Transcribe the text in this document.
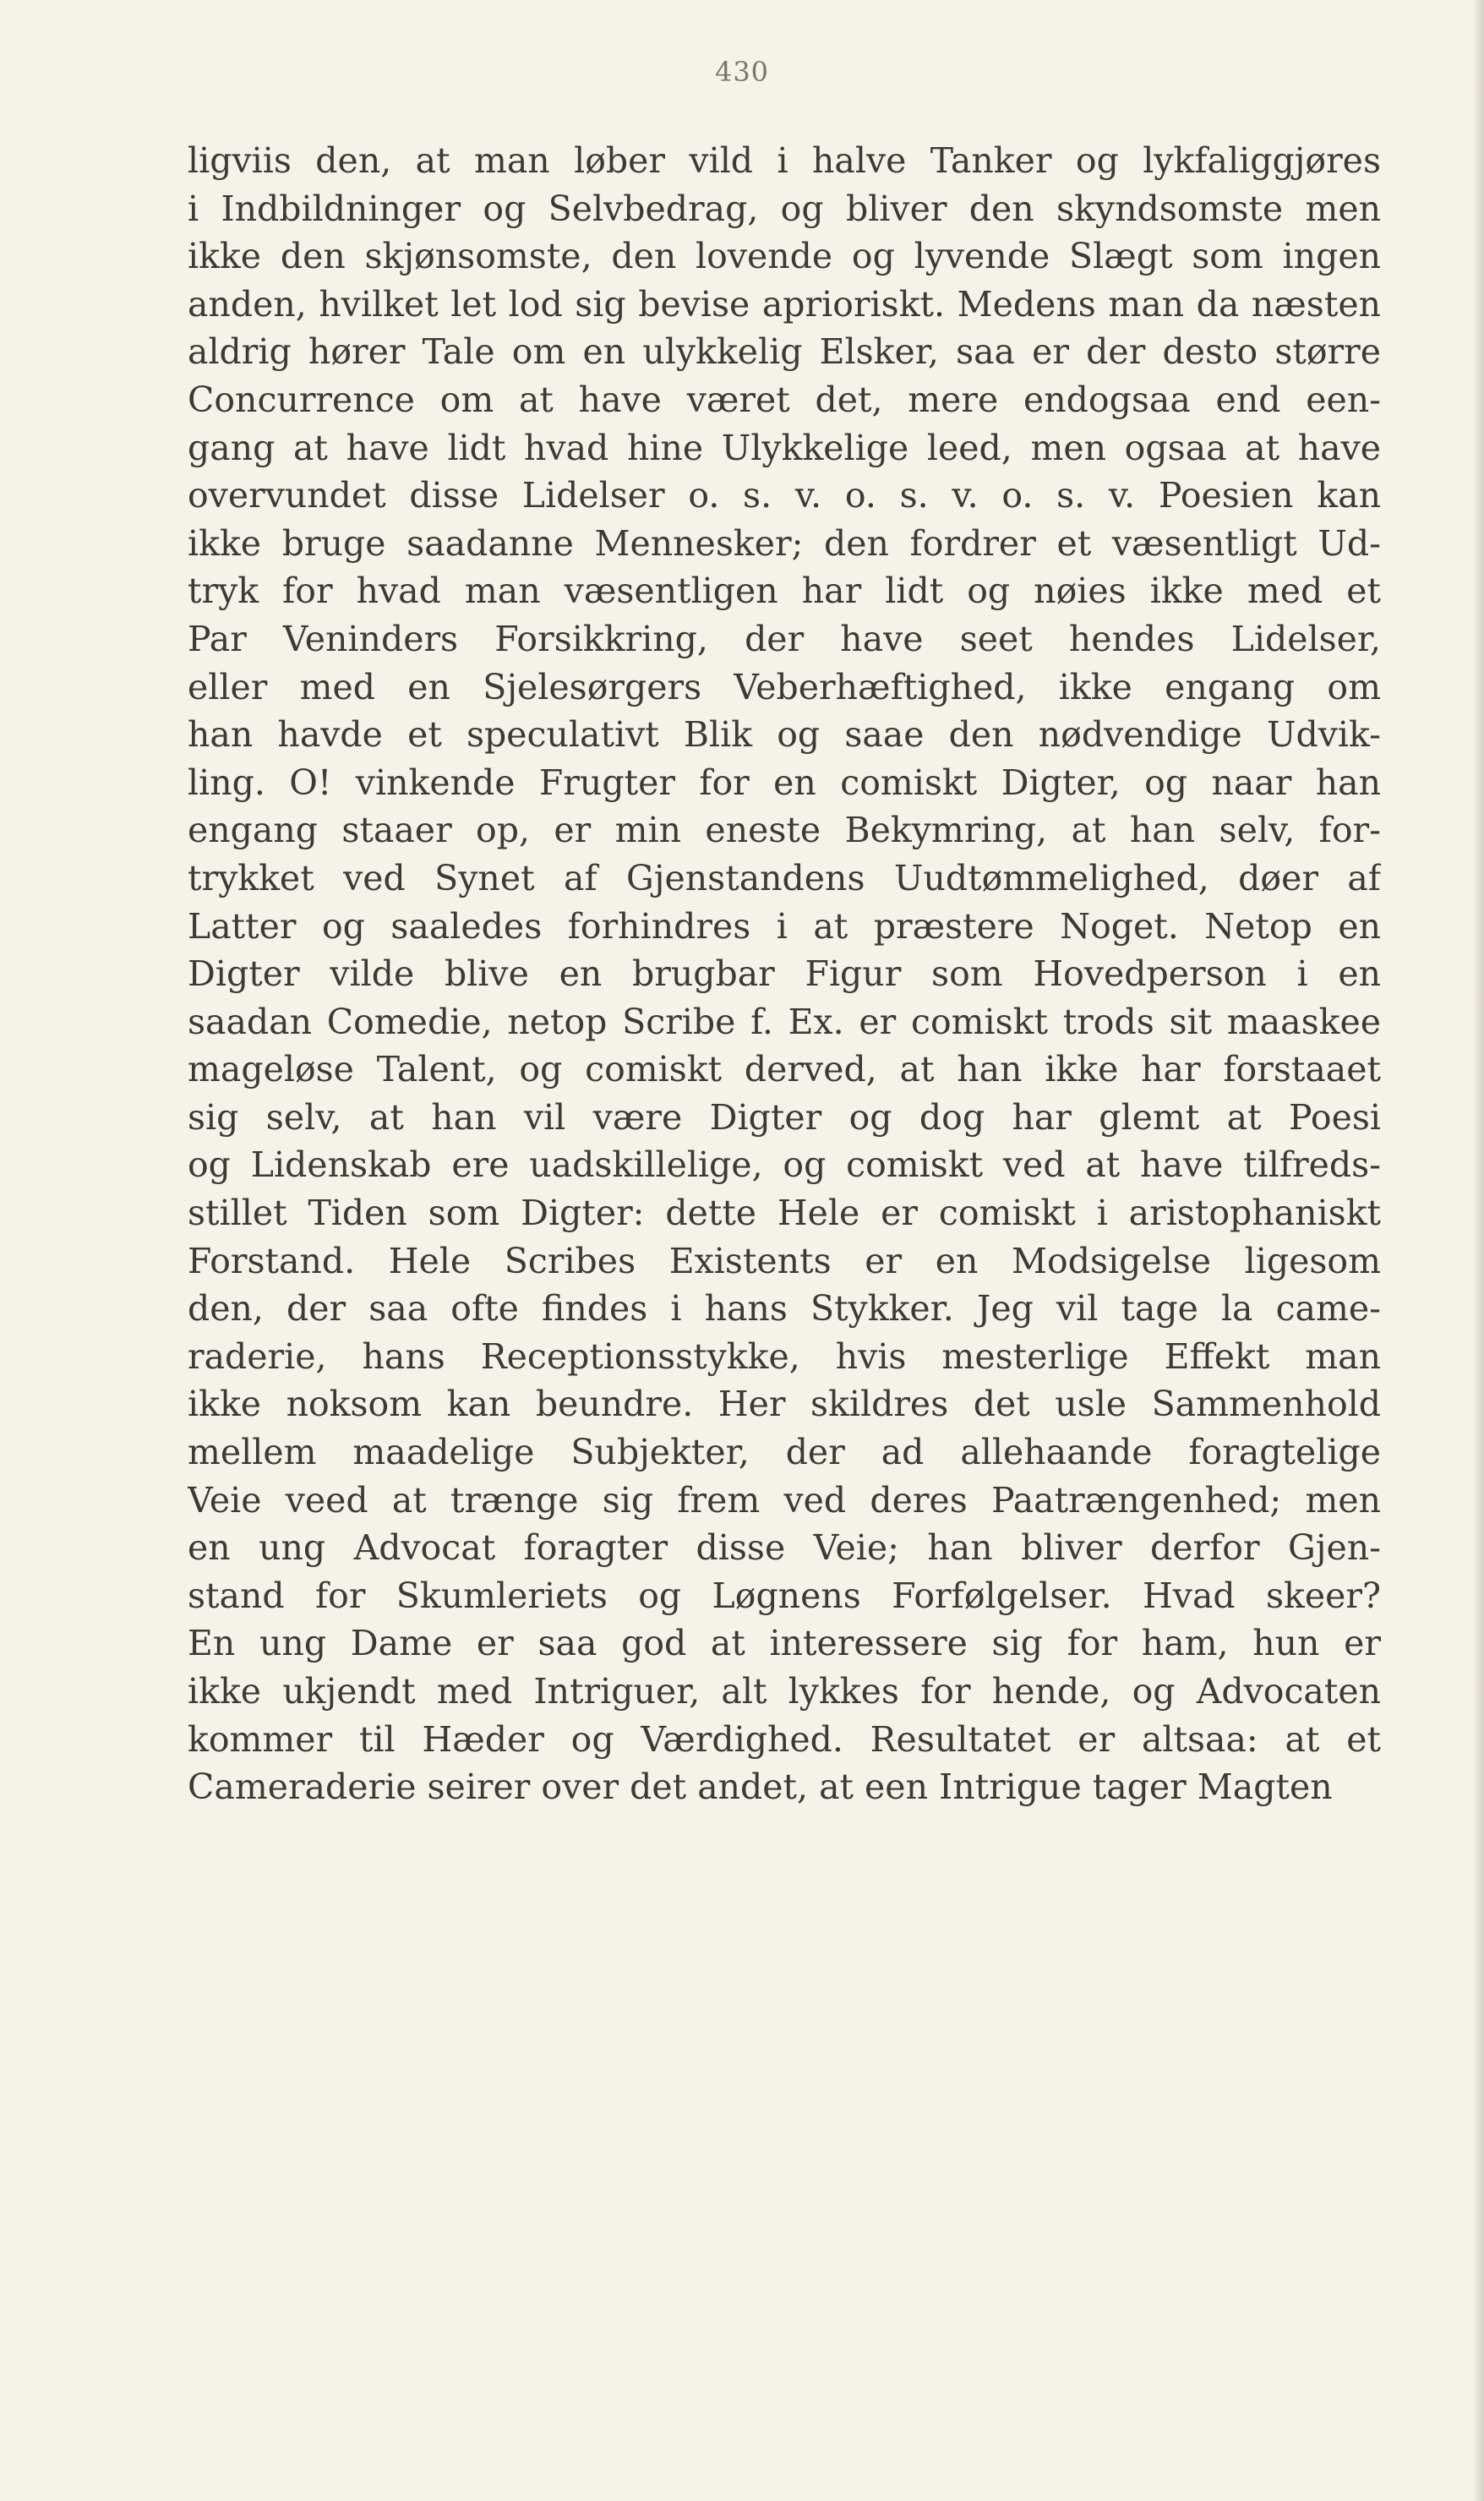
430
ligviis den, at man løber vild i halve Tanker og lykfaliggjøres
i Indbildninger og Selvbedrag, og bliver den skyndsomste men
ikke den skjønsomste, den lovende og lyvende Slægt som ingen
anden, hvilket let lod sig bevise aprioriskt. Medens man da næsten
aldrig hører Tale om en ulykkelig Elsker, saa er der desto større
Concurrence om at have været det, mere endogsaa end een-
gang at have lidt hvad hine Ulykkelige leed, men ogsaa at have
overvundet disse Lidelser o. s. v. o. s. v. o. s. v. Poesien kan
ikke bruge saadanne Mennesker; den fordrer et væsentligt Ud-
tryk for hvad man væsentligen har lidt og nøies ikke med et
Par Veninders Forsikkring, der have seet hendes Lidelser,
eller med en Sjelesørgers Veberhæftighed, ikke engang om
han havde et speculativt Blik og saae den nødvendige Udvik-
ling. O! vinkende Frugter for en comiskt Digter, og naar han
engang staaer op, er min eneste Bekymring, at han selv, for-
trykket ved Synet af Gjenstandens Uudtømmelighed, døer af
Latter og saaledes forhindres i at præstere Noget. Netop en
Digter vilde blive en brugbar Figur som Hovedperson i en
saadan Comedie, netop Scribe f. Ex. er comiskt trods sit maaskee
mageløse Talent, og comiskt derved, at han ikke har forstaaet
sig selv, at han vil være Digter og dog har glemt at Poesi
og Lidenskab ere uadskillelige, og comiskt ved at have tilfreds-
stillet Tiden som Digter: dette Hele er comiskt i aristophaniskt
Forstand. Hele Scribes Existents er en Modsigelse ligesom
den, der saa ofte findes i hans Stykker. Jeg vil tage la came-
raderie, hans Receptionsstykke, hvis mesterlige Effekt man
ikke noksom kan beundre. Her skildres det usle Sammenhold
mellem maadelige Subjekter, der ad allehaande foragtelige
Veie veed at trænge sig frem ved deres Paatrængenhed; men
en ung Advocat foragter disse Veie; han bliver derfor Gjen-
stand for Skumleriets og Løgnens Forfølgelser. Hvad skeer?
En ung Dame er saa god at interessere sig for ham, hun er
ikke ukjendt med Intriguer, alt lykkes for hende, og Advocaten
kommer til Hæder og Værdighed. Resultatet er altsaa: at et
Cameraderie seirer over det andet, at een Intrigue tager Magten
